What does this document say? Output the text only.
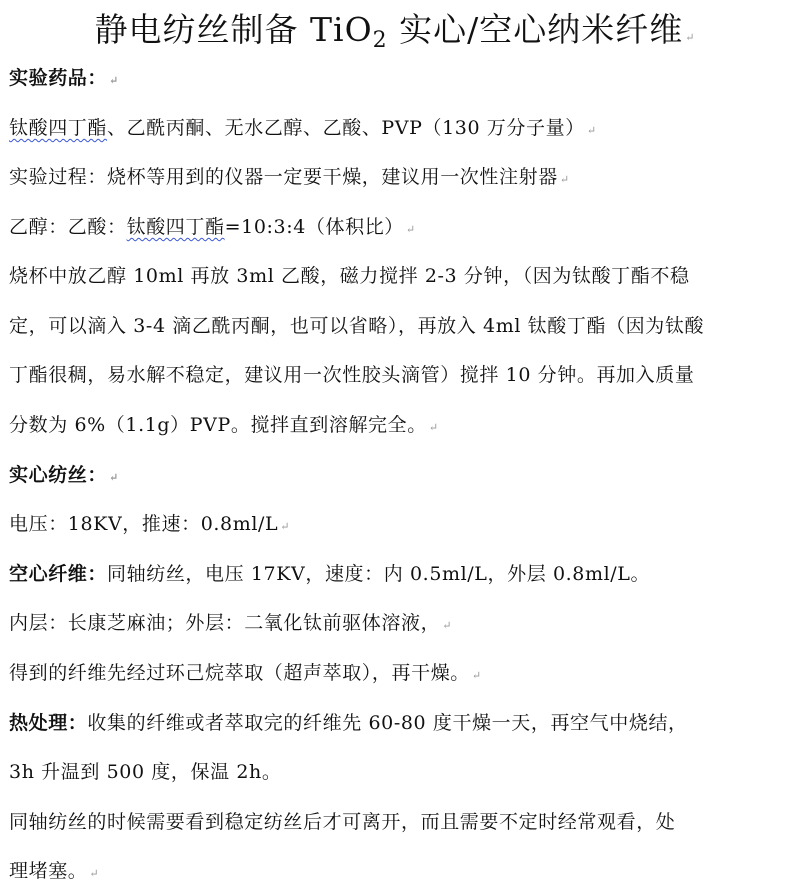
静电纺丝制备 TiO$_2$ 实心/空心纳米纤维 ↵
实验药品： ↵
钛酸四丁酯、乙酰丙酮、无水乙醇、乙酸、PVP（130 万分子量） ↵
实验过程：烧杯等用到的仪器一定要干燥，建议用一次性注射器 ↵
乙醇：乙酸：钛酸四丁酯=10:3:4（体积比） ↵
烧杯中放乙醇 10ml 再放 3ml 乙酸，磁力搅拌 2-3 分钟，（因为钛酸丁酯不稳
定，可以滴入 3-4 滴乙酰丙酮，也可以省略），再放入 4ml 钛酸丁酯（因为钛酸
丁酯很稠，易水解不稳定，建议用一次性胶头滴管）搅拌 10 分钟。再加入质量
分数为 6%（1.1g）PVP。搅拌直到溶解完全。 ↵
实心纺丝： ↵
电压：18KV，推速：0.8ml/L ↵
空心纤维：同轴纺丝，电压 17KV，速度：内 0.5ml/L，外层 0.8ml/L。
内层：长康芝麻油；外层：二氧化钛前驱体溶液， ↵
得到的纤维先经过环己烷萃取（超声萃取），再干燥。 ↵
热处理：收集的纤维或者萃取完的纤维先 60-80 度干燥一天，再空气中烧结，
3h 升温到 500 度，保温 2h。
同轴纺丝的时候需要看到稳定纺丝后才可离开，而且需要不定时经常观看，处
理堵塞。 ↵
